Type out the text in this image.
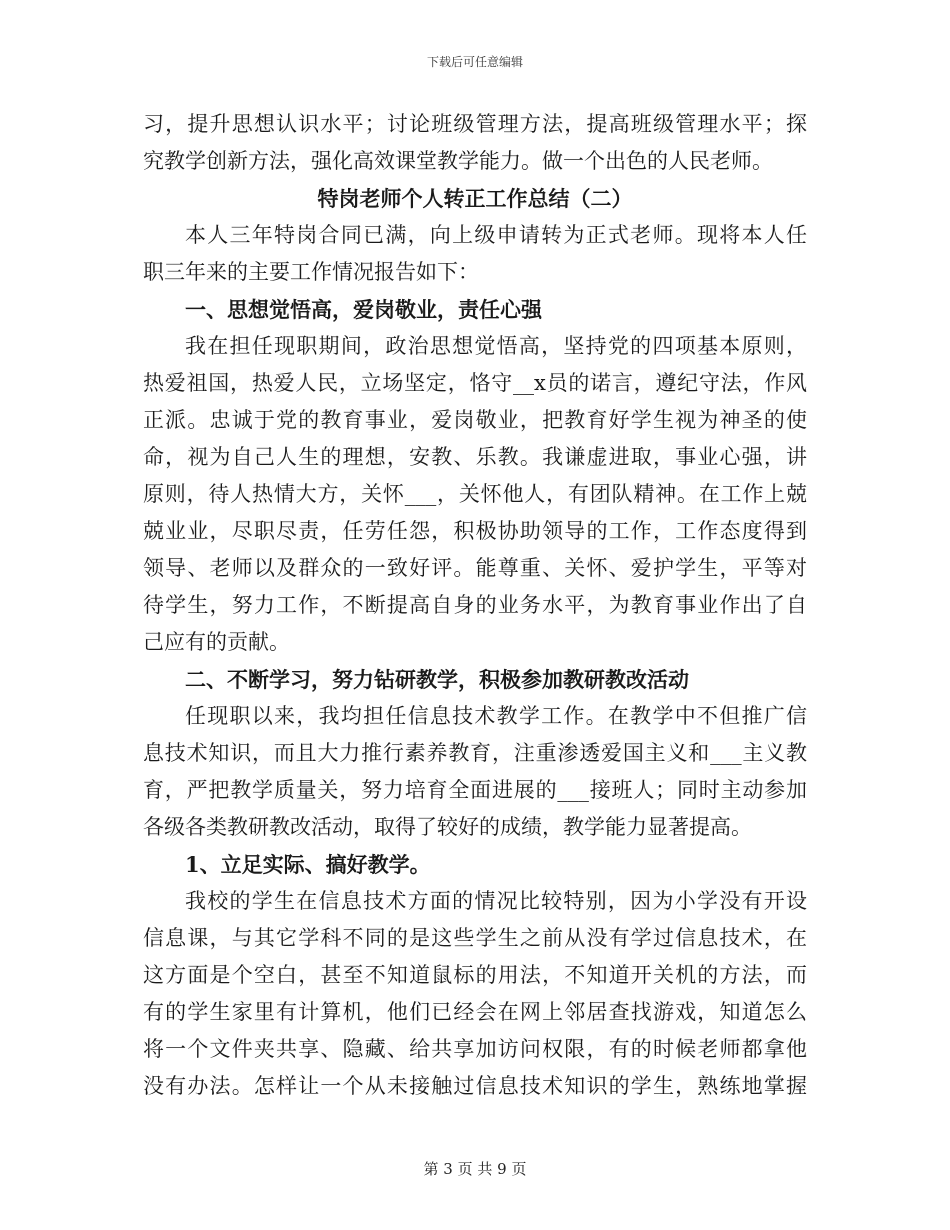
下载后可任意编辑
习，提升思想认识水平；讨论班级管理方法，提高班级管理水平；探
究教学创新方法，强化高效课堂教学能力。做一个出色的人民老师。
特岗老师个人转正工作总结（二）
本人三年特岗合同已满，向上级申请转为正式老师。现将本人任
职三年来的主要工作情况报告如下：
一、思想觉悟高，爱岗敬业，责任心强
我在担任现职期间，政治思想觉悟高，坚持党的四项基本原则，
热爱祖国，热爱人民，立场坚定，恪守__x员的诺言，遵纪守法，作风
正派。忠诚于党的教育事业，爱岗敬业，把教育好学生视为神圣的使
命，视为自己人生的理想，安教、乐教。我谦虚进取，事业心强，讲
原则，待人热情大方，关怀___，关怀他人，有团队精神。在工作上兢
兢业业，尽职尽责，任劳任怨，积极协助领导的工作，工作态度得到
领导、老师以及群众的一致好评。能尊重、关怀、爱护学生，平等对
待学生，努力工作，不断提高自身的业务水平，为教育事业作出了自
己应有的贡献。
二、不断学习，努力钻研教学，积极参加教研教改活动
任现职以来，我均担任信息技术教学工作。在教学中不但推广信
息技术知识，而且大力推行素养教育，注重渗透爱国主义和___主义教
育，严把教学质量关，努力培育全面进展的___接班人；同时主动参加
各级各类教研教改活动，取得了较好的成绩，教学能力显著提高。
1、立足实际、搞好教学。
我校的学生在信息技术方面的情况比较特别，因为小学没有开设
信息课，与其它学科不同的是这些学生之前从没有学过信息技术，在
这方面是个空白，甚至不知道鼠标的用法，不知道开关机的方法，而
有的学生家里有计算机，他们已经会在网上邻居查找游戏，知道怎么
将一个文件夹共享、隐藏、给共享加访问权限，有的时候老师都拿他
没有办法。怎样让一个从未接触过信息技术知识的学生，熟练地掌握
第 3 页 共 9 页
